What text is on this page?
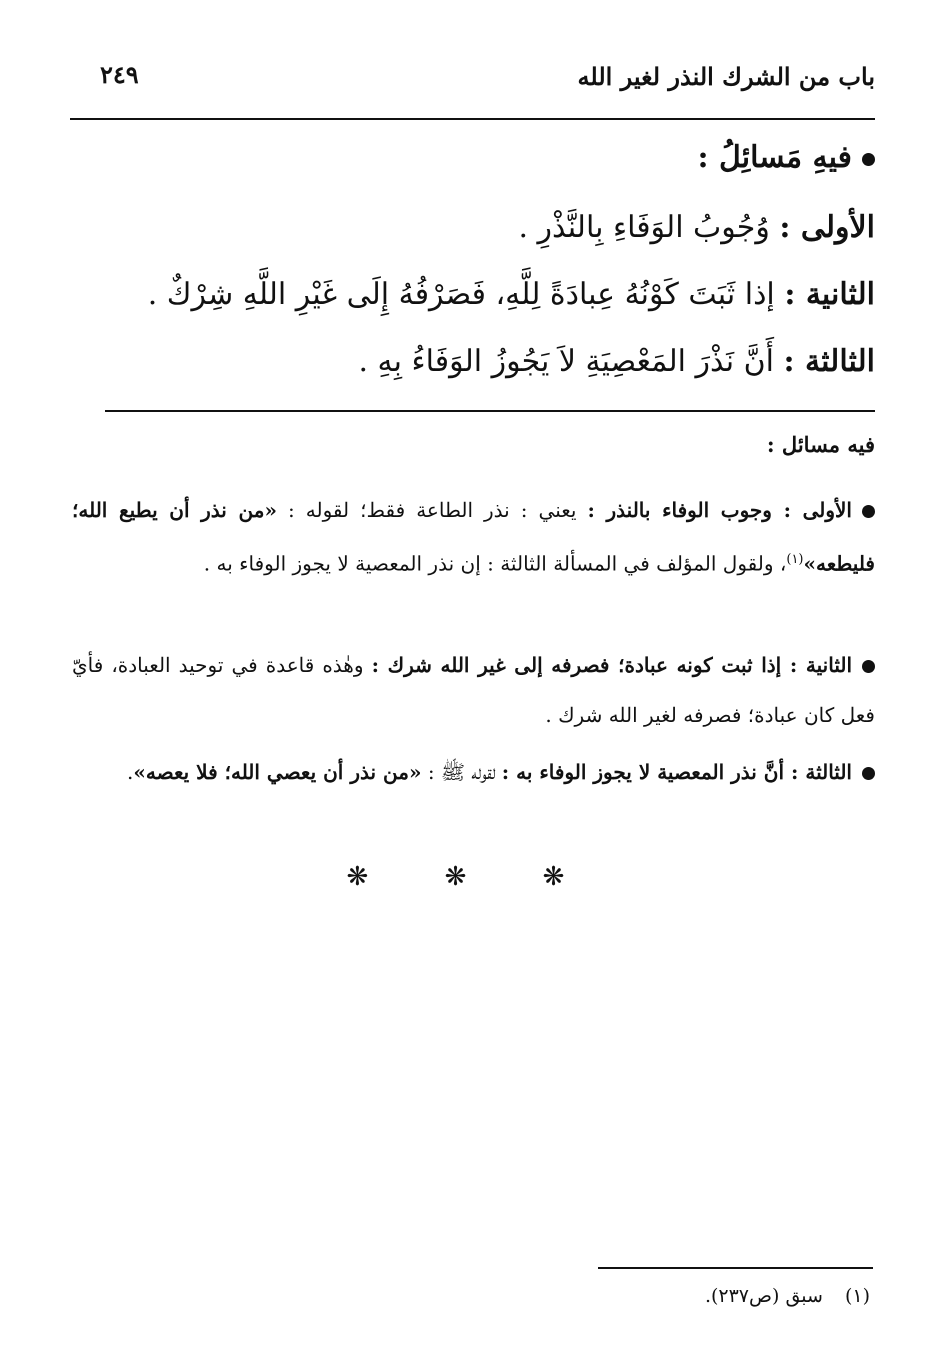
باب من الشرك النذر لغير الله
٢٤٩
فيهِ مَسائِلُ :
الأولى : وُجُوبُ الوَفَاءِ بِالنَّذْرِ .
الثانية : إذا ثَبَتَ كَوْنُهُ عِبادَةً لِلَّهِ، فَصَرْفُهُ إِلَى غَيْرِ اللَّهِ شِرْكٌ .
الثالثة : أَنَّ نَذْرَ المَعْصِيَةِ لاَ يَجُوزُ الوَفَاءُ بِهِ .
فيه مسائل :
الأولى : وجوب الوفاء بالنذر : يعني : نذر الطاعة فقط؛ لقوله : «من نذر أن يطيع الله؛ فليطعه»$^{(١)}$، ولقول المؤلف في المسألة الثالثة : إن نذر المعصية لا يجوز الوفاء به .
الثانية : إذا ثبت كونه عبادة؛ فصرفه إلى غير الله شرك : وهٰذه قاعدة في توحيد العبادة، فأيّ فعل كان عبادة؛ فصرفه لغير الله شرك .
الثالثة : أنَّ نذر المعصية لا يجوز الوفاء به : لقوله ﷺ : «من نذر أن يعصي الله؛ فلا يعصه».
❋ ❋ ❋
(١)سبق (ص٢٣٧).
